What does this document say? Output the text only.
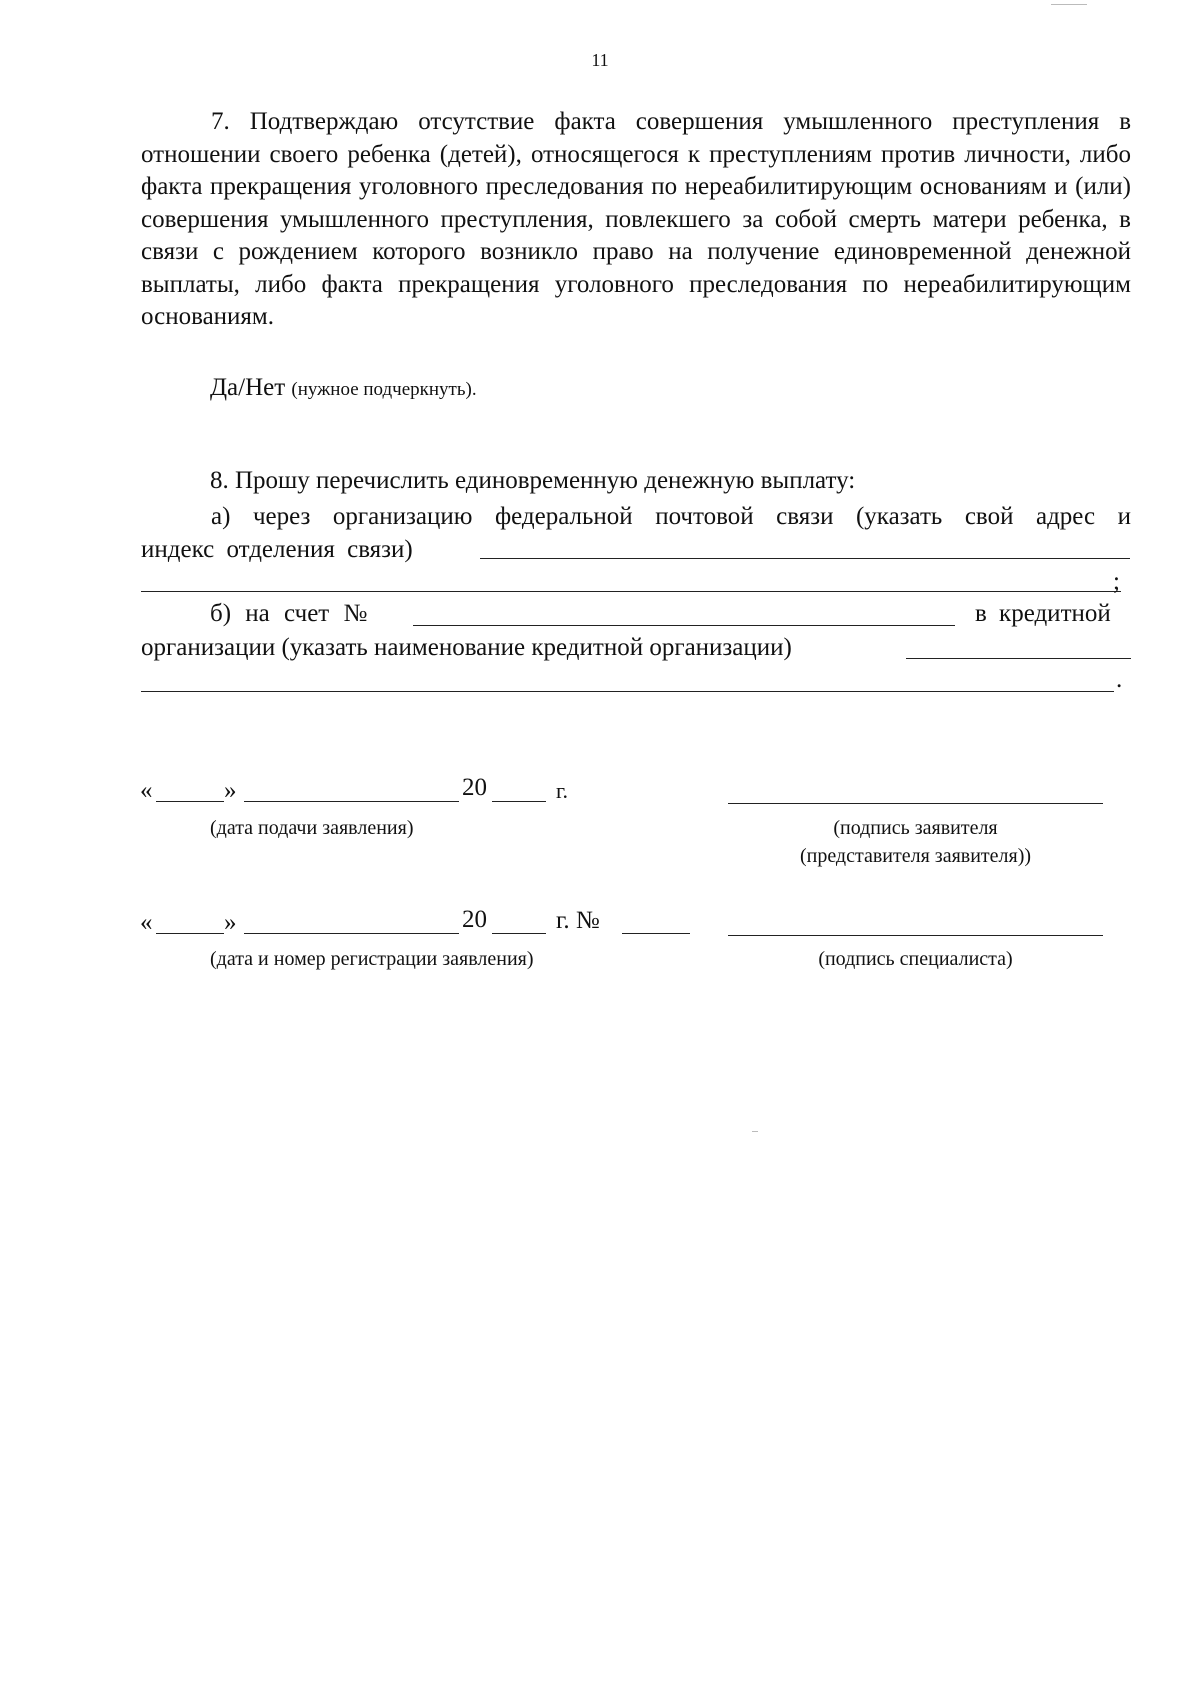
11

7. Подтверждаю отсутствие факта совершения умышленного преступления в отношении своего ребенка (детей), относящегося к преступлениям против личности, либо факта прекращения уголовного преследования по нереабилитирующим основаниям и (или) совершения умышленного преступления, повлекшего за собой смерть матери ребенка, в связи с рождением которого возникло право на получение единовременной денежной выплаты, либо факта прекращения уголовного преследования по нереабилитирующим основаниям.

Да/Нет (нужное подчеркнуть).
8. Прошу перечислить единовременную денежную выплату:

а) через организацию федеральной почтовой связи (указать свой адрес и

индекс отделения связи)
;
б) на счет №	в кредитной
организации (указать наименование кредитной организации)
.
«	»	20	г.
(дата подачи заявления)	(подпись заявителя
(представителя заявителя))
«	»	20	г. №
(дата и номер регистрации заявления)	(подпись специалиста)
